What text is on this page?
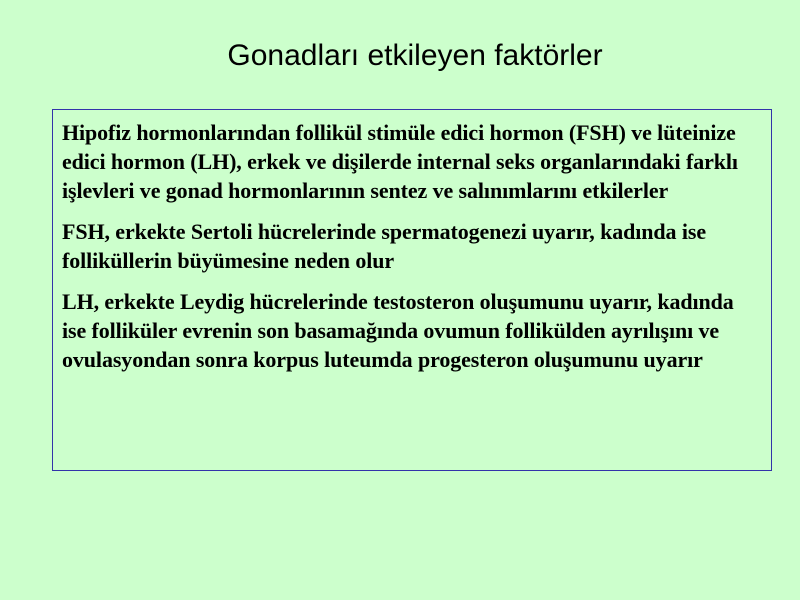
Gonadları etkileyen faktörler

Hipofiz hormonlarından follikül stimüle edici hormon (FSH) ve lüteinize edici hormon (LH), erkek ve dişilerde internal seks organlarındaki farklı işlevleri ve gonad hormonlarının sentez ve salınımlarını etkilerler

FSH, erkekte Sertoli hücrelerinde spermatogenezi uyarır, kadında ise folliküllerin büyümesine neden olur

LH, erkekte Leydig hücrelerinde testosteron oluşumunu uyarır, kadında ise folliküler evrenin son basamağında ovumun follikülden ayrılışını ve ovulasyondan sonra korpus luteumda progesteron oluşumunu uyarır
